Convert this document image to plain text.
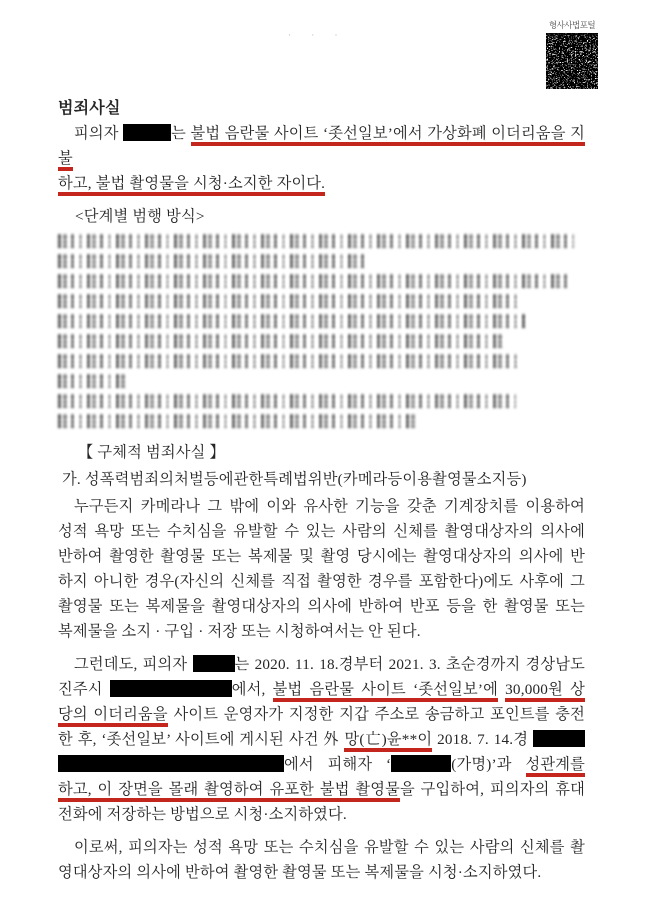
· · ·
형사사법포털
범죄사실
피의자	는 불법 음란물 사이트 ‘좃선일보’에서 가상화폐 이더리움을 지불
하고, 불법 촬영물을 시청·소지한 자이다.
<단계별 범행 방식>
【 구체적 범죄사실 】
가. 성폭력범죄의처벌등에관한특례법위반(카메라등이용촬영물소지등)
누구든지 카메라나 그 밖에 이와 유사한 기능을 갖춘 기계장치를 이용하여
성적 욕망 또는 수치심을 유발할 수 있는 사람의 신체를 촬영대상자의 의사에
반하여 촬영한 촬영물 또는 복제물 및 촬영 당시에는 촬영대상자의 의사에 반
하지 아니한 경우(자신의 신체를 직접 촬영한 경우를 포함한다)에도 사후에 그
촬영물 또는 복제물을 촬영대상자의 의사에 반하여 반포 등을 한 촬영물 또는
복제물을 소지 · 구입 · 저장 또는 시청하여서는 안 된다.
그런데도, 피의자	는 2020. 11. 18.경부터 2021. 3. 초순경까지 경상남도
진주시	에서, 불법 음란물 사이트 ‘좃선일보’에 30,000원 상
당의 이더리움을 사이트 운영자가 지정한 지갑 주소로 송금하고 포인트를 충전
한 후, ‘좃선일보’ 사이트에 게시된 사건 外 망(亡)윤**이 2018. 7. 14.경
에서 피해자 ‘	(가명)’과 성관계를
하고, 이 장면을 몰래 촬영하여 유포한 불법 촬영물을 구입하여, 피의자의 휴대
전화에 저장하는 방법으로 시청·소지하였다.
이로써, 피의자는 성적 욕망 또는 수치심을 유발할 수 있는 사람의 신체를 촬
영대상자의 의사에 반하여 촬영한 촬영물 또는 복제물을 시청·소지하였다.
